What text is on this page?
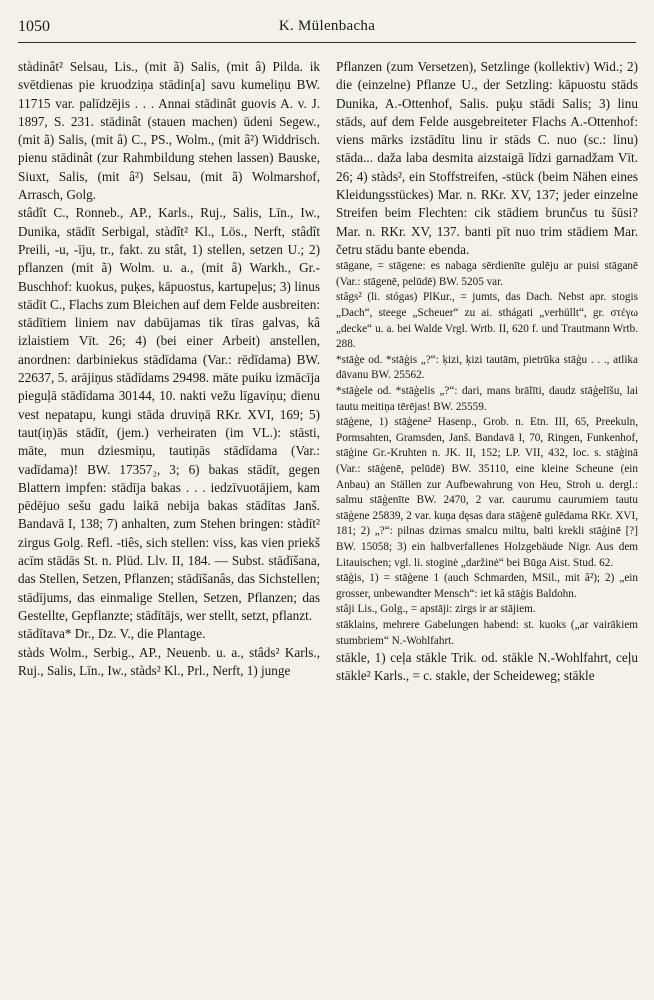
1050	K. Mülenbacha

stàdinât² Selsau, Lis., (mit ã) Salis, (mit â) Pilda. ik svētdienas pie kruodziņa stādin[a] savu kumeliņu BW. 11715 var. palīdzējis . . . Annai stādinât guovis A. v. J. 1897, S. 231. stādinât (stauen machen) ūdeni Segew., (mit ã) Salis, (mit â) C., PS., Wolm., (mit â²) Widdrisch. pienu stādinât (zur Rahmbildung stehen lassen) Bauske, Siuxt, Salis, (mit â²) Selsau, (mit ã) Wolmarshof, Arrasch, Golg.

stâdît C., Ronneb., AP., Karls., Ruj., Salis, Līn., Iw., Dunika, stādīt Serbigal, stàdît² Kl., Lös., Nerft, stâdît Preili, -u, -īju, tr., fakt. zu stât, 1) stellen, setzen U.; 2) pflanzen (mit ã) Wolm. u. a., (mit â) Warkh., Gr.-Buschhof: kuokus, puķes, kāpuostus, kartupeļus; 3) linus stādīt C., Flachs zum Bleichen auf dem Felde ausbreiten: stādītiem liniem nav dabūjamas tik tīras galvas, kâ izlaistiem Vīt. 26; 4) (bei einer Arbeit) anstellen, anordnen: darbiniekus stādīdama (Var.: rēdīdama) BW. 22637, 5. arājiņus stādīdams 29498. māte puiku izmācīja pieguļā stādīdama 30144, 10. nakti vežu līgaviņu; dienu vest nepatapu, kungi stāda druviņā RKr. XVI, 169; 5) taut(iņ)ās stādīt, (jem.) verheiraten (im VL.): stāsti, māte, mun dziesmiņu, tautiņās stādīdama (Var.: vadīdama)! BW. 17357₂, 3; 6) bakas stādīt, gegen Blattern impfen: stādīja bakas . . . iedzīvuotājiem, kam pēdējuo sešu gadu laikā nebija bakas stādītas Janš. Bandavā I, 138; 7) anhalten, zum Stehen bringen: stàdīt² zirgus Golg. Refl. -tiês, sich stellen: viss, kas vien priekš acīm stādās St. n. Plūd. Llv. II, 184. — Subst. stādīšana, das Stellen, Setzen, Pflanzen; stādīšanâs, das Sichstellen; stādījums, das einmalige Stellen, Setzen, Pflanzen; das Gestellte, Gepflanzte; stādītājs, wer stellt, setzt, pflanzt.

stādītava* Dr., Dz. V., die Plantage.

stàds Wolm., Serbig., AP., Neuenb. u. a., stâds² Karls., Ruj., Salis, Līn., Iw., stàds² Kl., Prl., Nerft, 1) junge

Pflanzen (zum Versetzen), Setzlinge (kollektiv) Wid.; 2) die (einzelne) Pflanze U., der Setzling: kāpuostu stāds Dunika, A.-Ottenhof, Salis. puķu stādi Salis; 3) linu stāds, auf dem Felde ausgebreiteter Flachs A.-Ottenhof: viens mārks izstādītu linu ir stāds C. nuo (sc.: linu) stāda... daža laba desmita aizstaigā līdzi garnadžam Vīt. 26; 4) stàds², ein Stoffstreifen, -stück (beim Nähen eines Kleidungsstückes) Mar. n. RKr. XV, 137; jeder einzelne Streifen beim Flechten: cik stādiem brunčus tu šūsi? Mar. n. RKr. XV, 137. banti pīt nuo trim stādiem Mar. četru stādu bante ebenda.

stāgane, = stāgene: es nabaga sērdienīte gulēju ar puisi stāganē (Var.: stāgenē, pelūdē) BW. 5205 var.

stâgs² (li. stógas) PlKur., = jumts, das Dach. Nebst apr. stogis „Dach“, steege „Scheuer“ zu ai. sthágati „verhüllt“, gr. στέγω „decke“ u. a. bei Walde Vrgl. Wrtb. II, 620 f. und Trautmann Wrtb. 288.

*stāģe od. *stāģis „?“: ķizi, ķizi tautām, pietrūka stāģu . . ., atlika dāvanu BW. 25562.

*stāģele od. *stāģelis „?“: dari, mans brālīti, daudz stāģelīšu, lai tautu meitiņa tērējas! BW. 25559.

stāģene, 1) stāģene² Hasenp., Grob. n. Etn. III, 65, Preekuln, Pormsahten, Gramsden, Janš. Bandavā I, 70, Ringen, Funkenhof, stāģine Gr.-Kruhten n. JK. II, 152; LP. VII, 432, loc. s. stāģinā (Var.: stāģenē, pelūdē) BW. 35110, eine kleine Scheune (ein Anbau) an Ställen zur Aufbewahrung von Heu, Stroh u. dergl.: salmu stāģenīte BW. 2470, 2 var. caurumu caurumiem tautu stāģene 25839, 2 var. kuņa dęsas dara stāģenē gulēdama RKr. XVI, 181; 2) „?“: pilnas dzirnas smalcu miltu, balti krekli stāģinē [?] BW. 15058; 3) ein halbverfallenes Holzgebäude Nigr. Aus dem Litauischen; vgl. li. stoginė „daržinė“ bei Būga Aist. Stud. 62.

stāģis, 1) = stāģene 1 (auch Schmarden, MSil., mit â²); 2) „ein grosser, unbewandter Mensch“: iet kâ stāģis Baldohn.

stâji Lis., Golg., = apstāji: zirgs ir ar stājiem.

stāklains, mehrere Gabelungen habend: st. kuoks („ar vairākiem stumbriem“ N.-Wohlfahrt.

stākle, 1) ceļa stākle Trik. od. stākle N.-Wohlfahrt, ceļu stākle² Karls., = c. stakle, der Scheideweg; stākle
